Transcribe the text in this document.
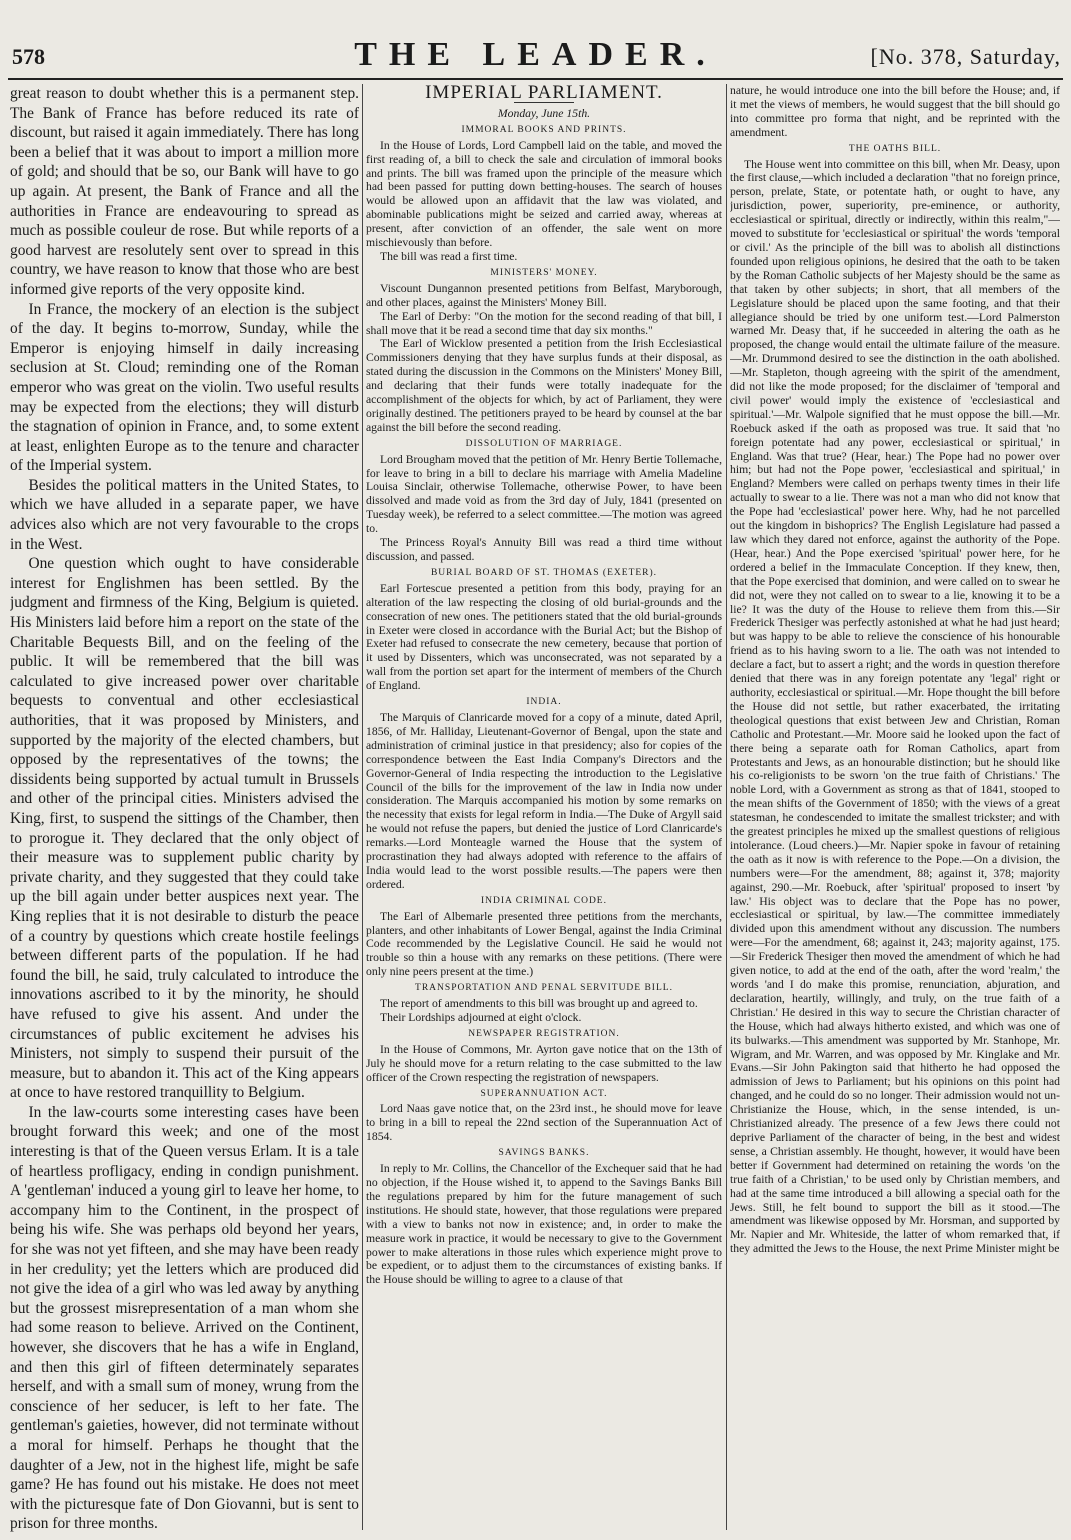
578	THE LEADER.	[No. 378, Saturday,

great reason to doubt whether this is a permanent step. The Bank of France has before reduced its rate of discount, but raised it again immediately. There has long been a belief that it was about to import a million more of gold; and should that be so, our Bank will have to go up again. At present, the Bank of France and all the authorities in France are endeavouring to spread as much as possible couleur de rose. But while reports of a good harvest are resolutely sent over to spread in this country, we have reason to know that those who are best informed give reports of the very opposite kind.

In France, the mockery of an election is the subject of the day. It begins to-morrow, Sunday, while the Emperor is enjoying himself in daily increasing seclusion at St. Cloud; reminding one of the Roman emperor who was great on the violin. Two useful results may be expected from the elections; they will disturb the stagnation of opinion in France, and, to some extent at least, enlighten Europe as to the tenure and character of the Imperial system.

Besides the political matters in the United States, to which we have alluded in a separate paper, we have advices also which are not very favourable to the crops in the West.

One question which ought to have considerable interest for Englishmen has been settled. By the judgment and firmness of the King, Belgium is quieted. His Ministers laid before him a report on the state of the Charitable Bequests Bill, and on the feeling of the public. It will be remembered that the bill was calculated to give increased power over charitable bequests to conventual and other ecclesiastical authorities, that it was proposed by Ministers, and supported by the majority of the elected chambers, but opposed by the representatives of the towns; the dissidents being supported by actual tumult in Brussels and other of the principal cities. Ministers advised the King, first, to suspend the sittings of the Chamber, then to prorogue it. They declared that the only object of their measure was to supplement public charity by private charity, and they suggested that they could take up the bill again under better auspices next year. The King replies that it is not desirable to disturb the peace of a country by questions which create hostile feelings between different parts of the population. If he had found the bill, he said, truly calculated to introduce the innovations ascribed to it by the minority, he should have refused to give his assent. And under the circumstances of public excitement he advises his Ministers, not simply to suspend their pursuit of the measure, but to abandon it. This act of the King appears at once to have restored tranquillity to Belgium.

In the law-courts some interesting cases have been brought forward this week; and one of the most interesting is that of the Queen versus Erlam. It is a tale of heartless profligacy, ending in condign punishment. A 'gentleman' induced a young girl to leave her home, to accompany him to the Continent, in the prospect of being his wife. She was perhaps old beyond her years, for she was not yet fifteen, and she may have been ready in her credulity; yet the letters which are produced did not give the idea of a girl who was led away by anything but the grossest misrepresentation of a man whom she had some reason to believe. Arrived on the Continent, however, she discovers that he has a wife in England, and then this girl of fifteen determinately separates herself, and with a small sum of money, wrung from the conscience of her seducer, is left to her fate. The gentleman's gaieties, however, did not terminate without a moral for himself. Perhaps he thought that the daughter of a Jew, not in the highest life, might be safe game? He has found out his mistake. He does not meet with the picturesque fate of Don Giovanni, but is sent to prison for three months.

IMPERIAL PARLIAMENT.
Monday, June 15th.
IMMORAL BOOKS AND PRINTS.

In the House of Lords, Lord Campbell laid on the table, and moved the first reading of, a bill to check the sale and circulation of immoral books and prints. The bill was framed upon the principle of the measure which had been passed for putting down betting-houses. The search of houses would be allowed upon an affidavit that the law was violated, and abominable publications might be seized and carried away, whereas at present, after conviction of an offender, the sale went on more mischievously than before.

The bill was read a first time.

MINISTERS' MONEY.

Viscount Dungannon presented petitions from Belfast, Maryborough, and other places, against the Ministers' Money Bill.

The Earl of Derby: "On the motion for the second reading of that bill, I shall move that it be read a second time that day six months."

The Earl of Wicklow presented a petition from the Irish Ecclesiastical Commissioners denying that they have surplus funds at their disposal, as stated during the discussion in the Commons on the Ministers' Money Bill, and declaring that their funds were totally inadequate for the accomplishment of the objects for which, by act of Parliament, they were originally destined. The petitioners prayed to be heard by counsel at the bar against the bill before the second reading.

DISSOLUTION OF MARRIAGE.

Lord Brougham moved that the petition of Mr. Henry Bertie Tollemache, for leave to bring in a bill to declare his marriage with Amelia Madeline Louisa Sinclair, otherwise Tollemache, otherwise Power, to have been dissolved and made void as from the 3rd day of July, 1841 (presented on Tuesday week), be referred to a select committee.—The motion was agreed to.

The Princess Royal's Annuity Bill was read a third time without discussion, and passed.

BURIAL BOARD OF ST. THOMAS (EXETER).

Earl Fortescue presented a petition from this body, praying for an alteration of the law respecting the closing of old burial-grounds and the consecration of new ones. The petitioners stated that the old burial-grounds in Exeter were closed in accordance with the Burial Act; but the Bishop of Exeter had refused to consecrate the new cemetery, because that portion of it used by Dissenters, which was unconsecrated, was not separated by a wall from the portion set apart for the interment of members of the Church of England.

INDIA.

The Marquis of Clanricarde moved for a copy of a minute, dated April, 1856, of Mr. Halliday, Lieutenant-Governor of Bengal, upon the state and administration of criminal justice in that presidency; also for copies of the correspondence between the East India Company's Directors and the Governor-General of India respecting the introduction to the Legislative Council of the bills for the improvement of the law in India now under consideration. The Marquis accompanied his motion by some remarks on the necessity that exists for legal reform in India.—The Duke of Argyll said he would not refuse the papers, but denied the justice of Lord Clanricarde's remarks.—Lord Monteagle warned the House that the system of procrastination they had always adopted with reference to the affairs of India would lead to the worst possible results.—The papers were then ordered.

INDIA CRIMINAL CODE.

The Earl of Albemarle presented three petitions from the merchants, planters, and other inhabitants of Lower Bengal, against the India Criminal Code recommended by the Legislative Council. He said he would not trouble so thin a house with any remarks on these petitions. (There were only nine peers present at the time.)

TRANSPORTATION AND PENAL SERVITUDE BILL.

The report of amendments to this bill was brought up and agreed to.

Their Lordships adjourned at eight o'clock.

NEWSPAPER REGISTRATION.

In the House of Commons, Mr. Ayrton gave notice that on the 13th of July he should move for a return relating to the case submitted to the law officer of the Crown respecting the registration of newspapers.

SUPERANNUATION ACT.

Lord Naas gave notice that, on the 23rd inst., he should move for leave to bring in a bill to repeal the 22nd section of the Superannuation Act of 1854.

SAVINGS BANKS.

In reply to Mr. Collins, the Chancellor of the Exchequer said that he had no objection, if the House wished it, to append to the Savings Banks Bill the regulations prepared by him for the future management of such institutions. He should state, however, that those regulations were prepared with a view to banks not now in existence; and, in order to make the measure work in practice, it would be necessary to give to the Government power to make alterations in those rules which experience might prove to be expedient, or to adjust them to the circumstances of existing banks. If the House should be willing to agree to a clause of that

nature, he would introduce one into the bill before the House; and, if it met the views of members, he would suggest that the bill should go into committee pro forma that night, and be reprinted with the amendment.

THE OATHS BILL.

The House went into committee on this bill, when Mr. Deasy, upon the first clause,—which included a declaration "that no foreign prince, person, prelate, State, or potentate hath, or ought to have, any jurisdiction, power, superiority, pre-eminence, or authority, ecclesiastical or spiritual, directly or indirectly, within this realm,"—moved to substitute for 'ecclesiastical or spiritual' the words 'temporal or civil.' As the principle of the bill was to abolish all distinctions founded upon religious opinions, he desired that the oath to be taken by the Roman Catholic subjects of her Majesty should be the same as that taken by other subjects; in short, that all members of the Legislature should be placed upon the same footing, and that their allegiance should be tried by one uniform test.—Lord Palmerston warned Mr. Deasy that, if he succeeded in altering the oath as he proposed, the change would entail the ultimate failure of the measure.—Mr. Drummond desired to see the distinction in the oath abolished.—Mr. Stapleton, though agreeing with the spirit of the amendment, did not like the mode proposed; for the disclaimer of 'temporal and civil power' would imply the existence of 'ecclesiastical and spiritual.'—Mr. Walpole signified that he must oppose the bill.—Mr. Roebuck asked if the oath as proposed was true. It said that 'no foreign potentate had any power, ecclesiastical or spiritual,' in England. Was that true? (Hear, hear.) The Pope had no power over him; but had not the Pope power, 'ecclesiastical and spiritual,' in England? Members were called on perhaps twenty times in their life actually to swear to a lie. There was not a man who did not know that the Pope had 'ecclesiastical' power here. Why, had he not parcelled out the kingdom in bishoprics? The English Legislature had passed a law which they dared not enforce, against the authority of the Pope. (Hear, hear.) And the Pope exercised 'spiritual' power here, for he ordered a belief in the Immaculate Conception. If they knew, then, that the Pope exercised that dominion, and were called on to swear he did not, were they not called on to swear to a lie, knowing it to be a lie? It was the duty of the House to relieve them from this.—Sir Frederick Thesiger was perfectly astonished at what he had just heard; but was happy to be able to relieve the conscience of his honourable friend as to his having sworn to a lie. The oath was not intended to declare a fact, but to assert a right; and the words in question therefore denied that there was in any foreign potentate any 'legal' right or authority, ecclesiastical or spiritual.—Mr. Hope thought the bill before the House did not settle, but rather exacerbated, the irritating theological questions that exist between Jew and Christian, Roman Catholic and Protestant.—Mr. Moore said he looked upon the fact of there being a separate oath for Roman Catholics, apart from Protestants and Jews, as an honourable distinction; but he should like his co-religionists to be sworn 'on the true faith of Christians.' The noble Lord, with a Government as strong as that of 1841, stooped to the mean shifts of the Government of 1850; with the views of a great statesman, he condescended to imitate the smallest trickster; and with the greatest principles he mixed up the smallest questions of religious intolerance. (Loud cheers.)—Mr. Napier spoke in favour of retaining the oath as it now is with reference to the Pope.—On a division, the numbers were—For the amendment, 88; against it, 378; majority against, 290.—Mr. Roebuck, after 'spiritual' proposed to insert 'by law.' His object was to declare that the Pope has no power, ecclesiastical or spiritual, by law.—The committee immediately divided upon this amendment without any discussion. The numbers were—For the amendment, 68; against it, 243; majority against, 175.—Sir Frederick Thesiger then moved the amendment of which he had given notice, to add at the end of the oath, after the word 'realm,' the words 'and I do make this promise, renunciation, abjuration, and declaration, heartily, willingly, and truly, on the true faith of a Christian.' He desired in this way to secure the Christian character of the House, which had always hitherto existed, and which was one of its bulwarks.—This amendment was supported by Mr. Stanhope, Mr. Wigram, and Mr. Warren, and was opposed by Mr. Kinglake and Mr. Evans.—Sir John Pakington said that hitherto he had opposed the admission of Jews to Parliament; but his opinions on this point had changed, and he could do so no longer. Their admission would not un-Christianize the House, which, in the sense intended, is un-Christianized already. The presence of a few Jews there could not deprive Parliament of the character of being, in the best and widest sense, a Christian assembly. He thought, however, it would have been better if Government had determined on retaining the words 'on the true faith of a Christian,' to be used only by Christian members, and had at the same time introduced a bill allowing a special oath for the Jews. Still, he felt bound to support the bill as it stood.—The amendment was likewise opposed by Mr. Horsman, and supported by Mr. Napier and Mr. Whiteside, the latter of whom remarked that, if they admitted the Jews to the House, the next Prime Minister might be
